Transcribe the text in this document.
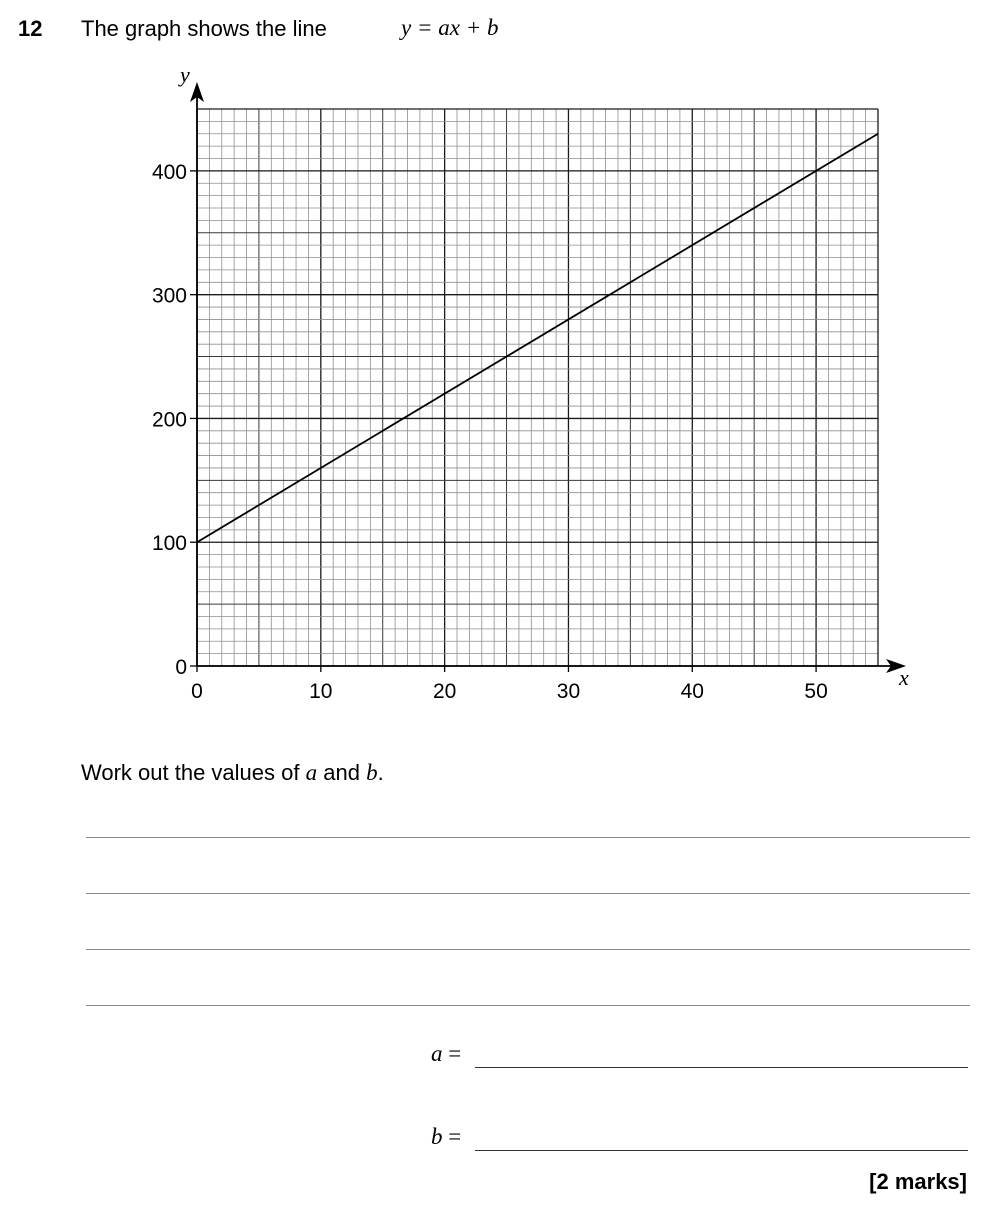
12 The graph shows the line	y = ax + b
x
y
0	10	20	30	40	50
0
100
200
300
400
Work out the values of a and b.
a =
b =
[2 marks]
